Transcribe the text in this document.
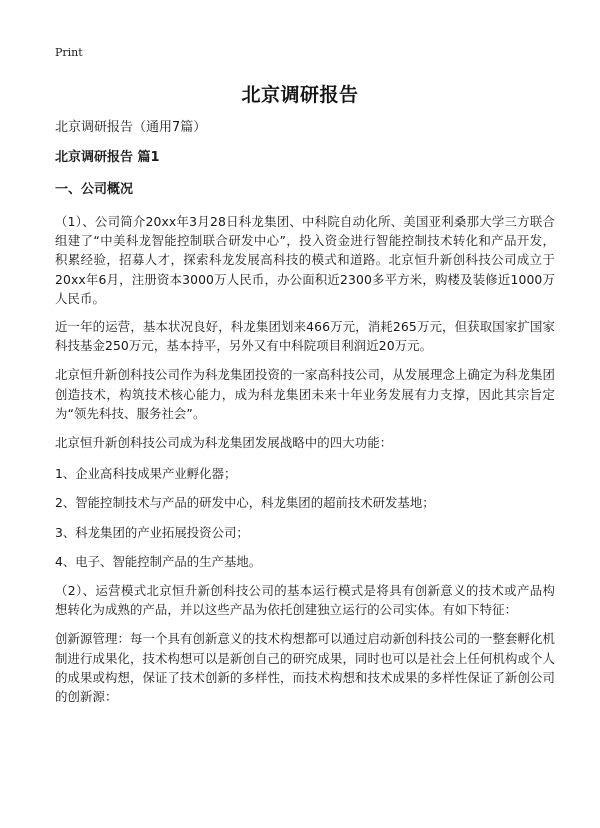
Print
北京调研报告

北京调研报告（通用7篇）

北京调研报告 篇1

一、公司概况

（1）、公司简介20xx年3月28日科龙集团、中科院自动化所、美国亚利桑那大学三方联合组建了“中美科龙智能控制联合研发中心”，投入资金进行智能控制技术转化和产品开发，积累经验，招募人才，探索科龙发展高科技的模式和道路。北京恒升新创科技公司成立于20xx年6月，注册资本3000万人民币，办公面积近2300多平方米，购楼及装修近1000万人民币。

近一年的运营，基本状况良好，科龙集团划来466万元，消耗265万元，但获取国家扩国家科技基金250万元，基本持平，另外又有中科院项目利润近20万元。

北京恒升新创科技公司作为科龙集团投资的一家高科技公司，从发展理念上确定为科龙集团创造技术，构筑技术核心能力，成为科龙集团未来十年业务发展有力支撑，因此其宗旨定为“领先科技、服务社会”。

北京恒升新创科技公司成为科龙集团发展战略中的四大功能：

1、企业高科技成果产业孵化器；

2、智能控制技术与产品的研发中心，科龙集团的超前技术研发基地；

3、科龙集团的产业拓展投资公司；

4、电子、智能控制产品的生产基地。

（2）、运营模式北京恒升新创科技公司的基本运行模式是将具有创新意义的技术或产品构想转化为成熟的产品，并以这些产品为依托创建独立运行的公司实体。有如下特征：

创新源管理：每一个具有创新意义的技术构想都可以通过启动新创科技公司的一整套孵化机制进行成果化，技术构想可以是新创自己的研究成果，同时也可以是社会上任何机构或个人的成果或构想，保证了技术创新的多样性，而技术构想和技术成果的多样性保证了新创公司的创新源：
